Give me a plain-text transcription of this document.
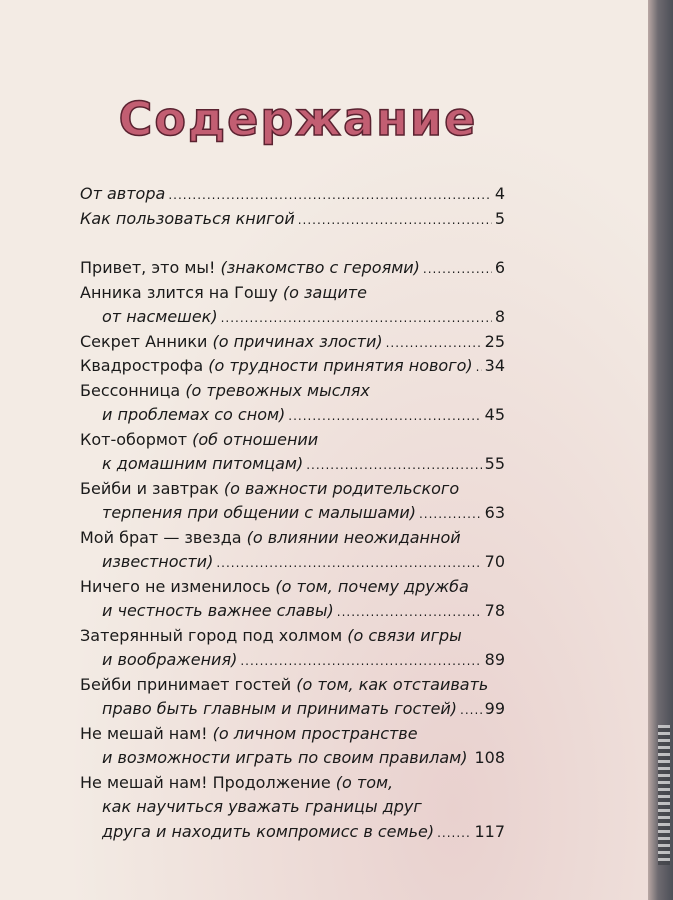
Содержание
От автора .....	4
Как пользоваться книгой .....	5
Привет, это мы! (знакомство с героями) .....	6
Анника злится на Гошу (о защите
от насмешек) .....	8
Секрет Анники (о причинах злости) .....	25
Квадрострофа (о трудности принятия нового) ..... 34
Бессонница (о тревожных мыслях
и проблемах со сном) .....	45
Кот-обормот (об отношении
к домашним питомцам) .....	55
Бейби и завтрак (о важности родительского
терпения при общении с малышами) .....	63
Мой брат — звезда (о влиянии неожиданной
известности) .....	70
Ничего не изменилось (о том, почему дружба
и честность важнее славы) .....	78
Затерянный город под холмом (о связи игры
и воображения) .....	89
Бейби принимает гостей (о том, как отстаивать
право быть главным и принимать гостей) ..... 99
Не мешай нам! (о личном пространстве
и возможности играть по своим правилам) ..... 108
Не мешай нам! Продолжение (о том,
как научиться уважать границы друг
друга и находить компромисс в семье) .....	117
